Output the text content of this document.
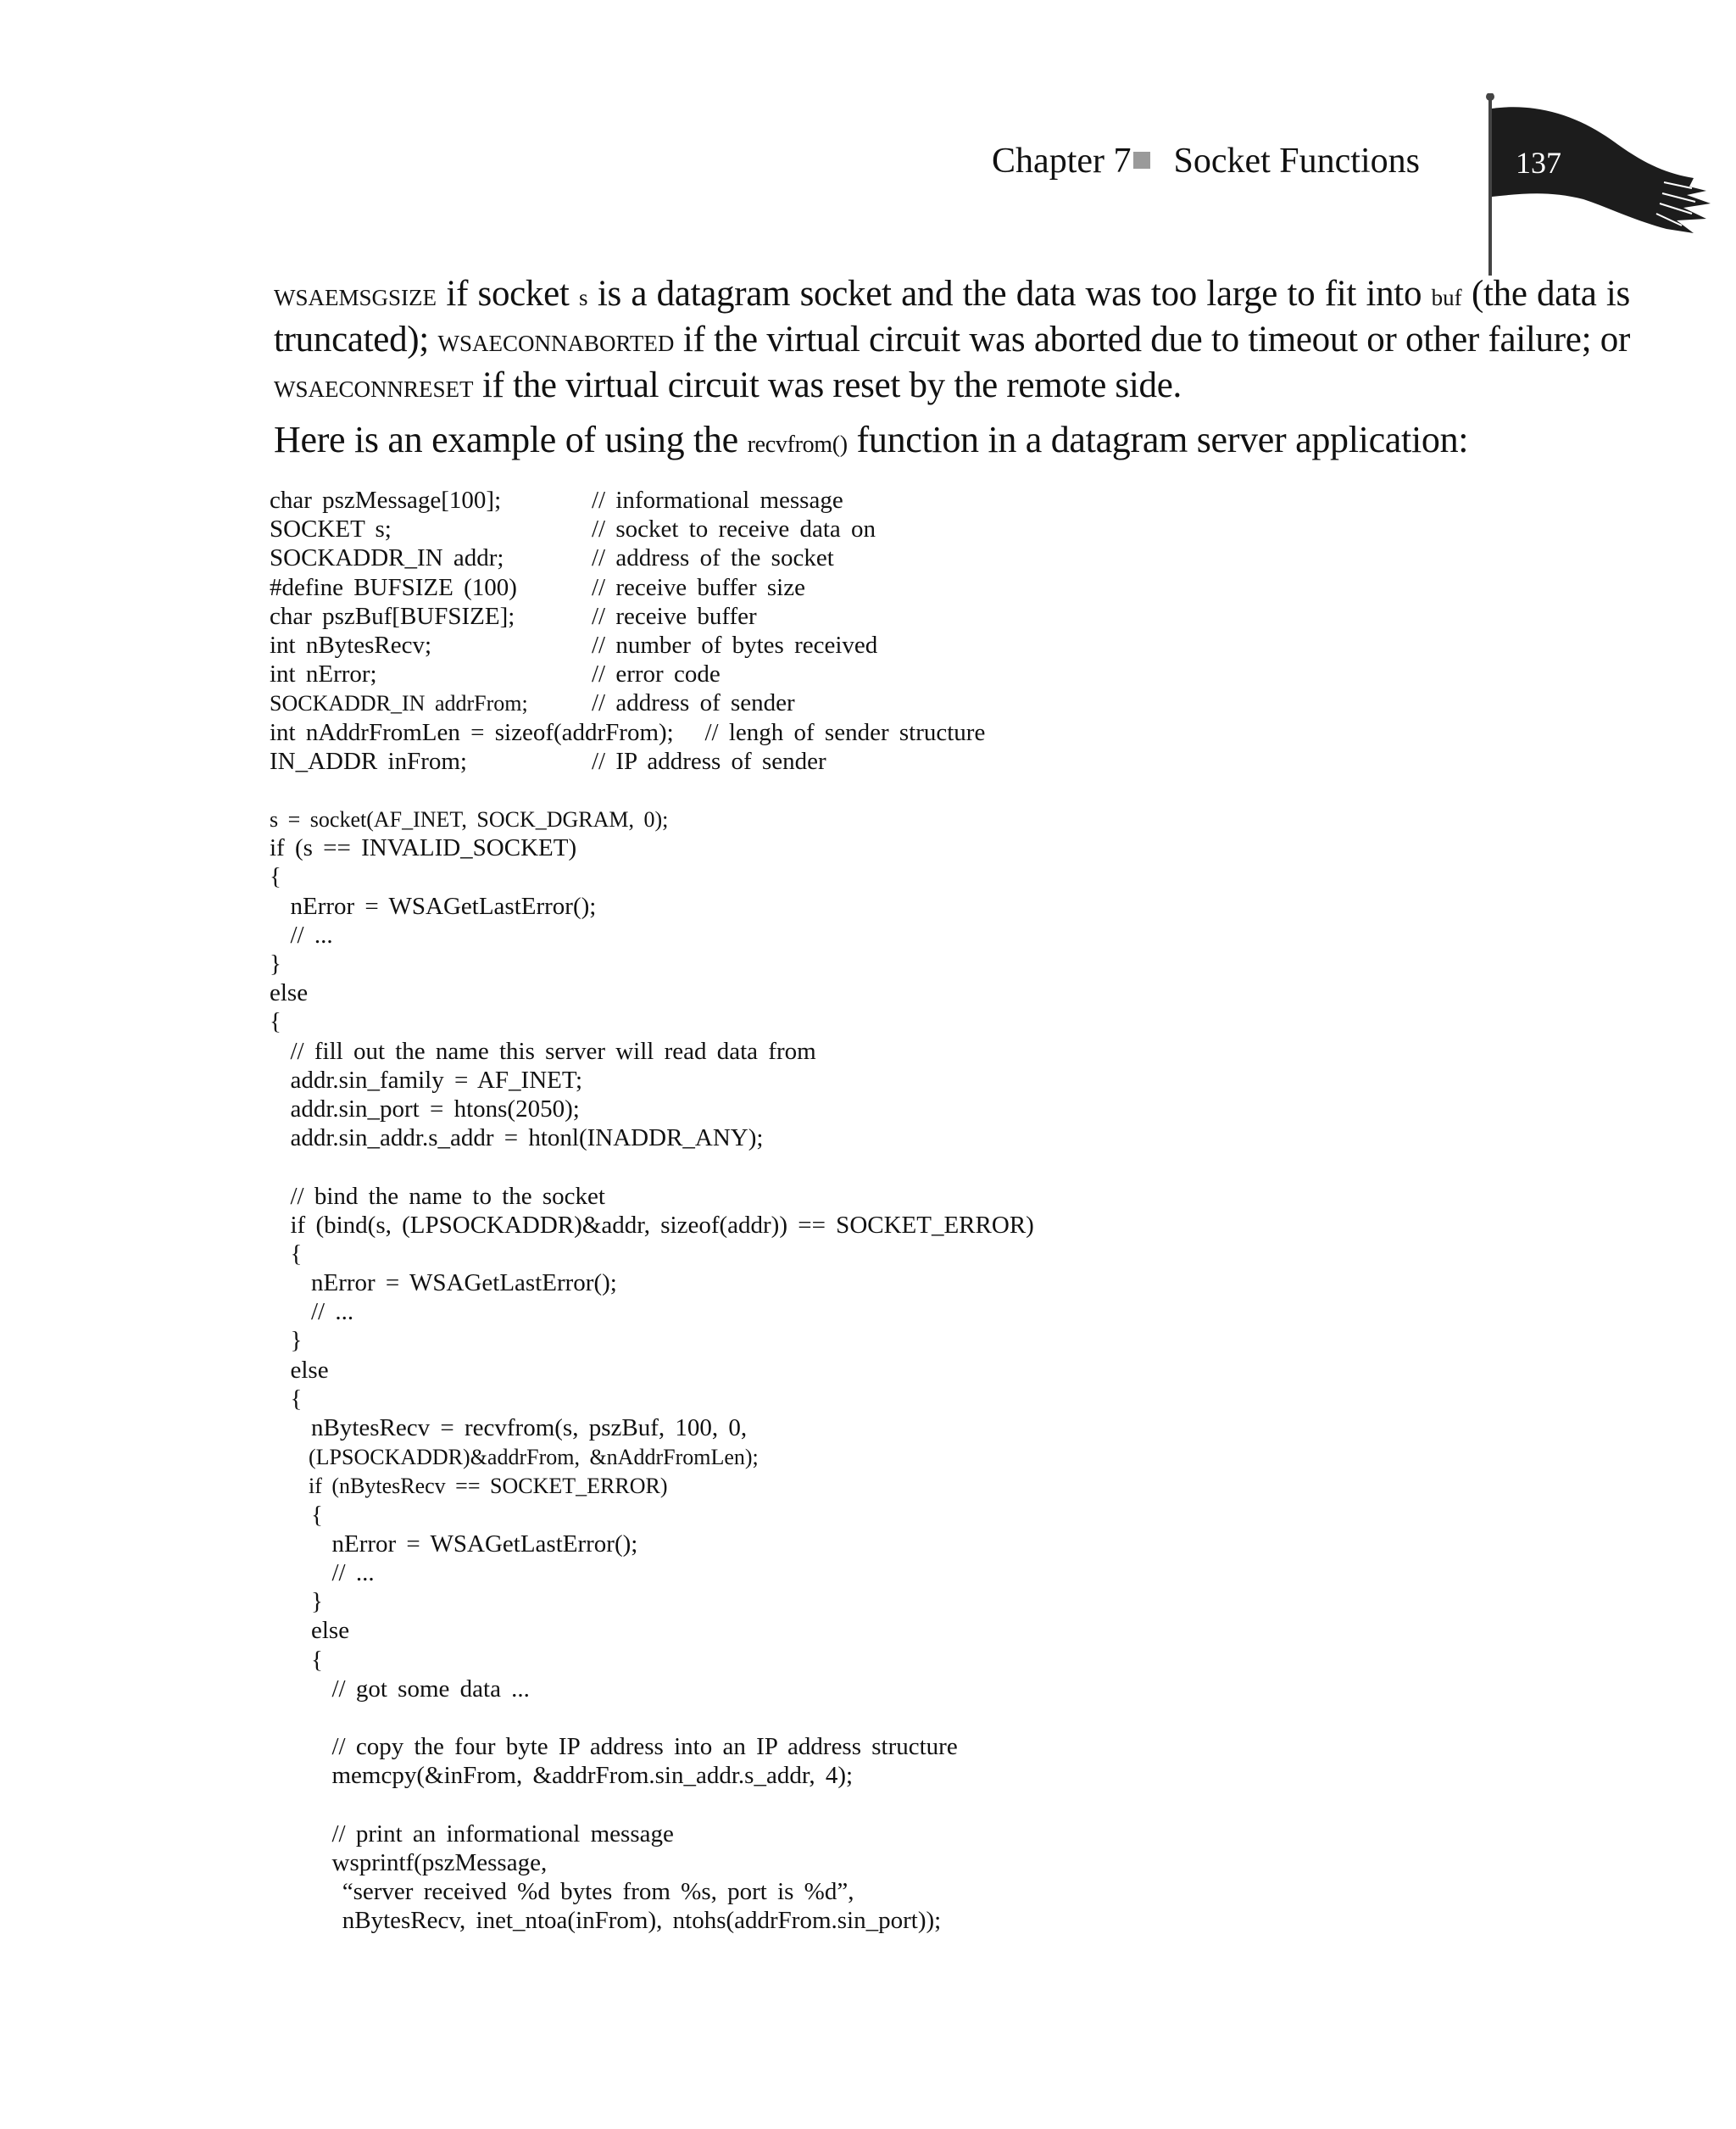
Chapter 7 Socket Functions	137
WSAEMSGSIZE if socket s is a datagram socket and the data was too large to fit into buf (the data is truncated); WSAECONNABORTED if the virtual circuit was aborted due to timeout or other failure; or WSAECONNRESET if the virtual circuit was reset by the remote side.
Here is an example of using the recvfrom() function in a datagram server application:
char pszMessage[100];	// informational message
SOCKET s;	// socket to receive data on
SOCKADDR_IN addr;	// address of the socket
#define BUFSIZE (100)	// receive buffer size
char pszBuf[BUFSIZE];	// receive buffer
int nBytesRecv;	// number of bytes received
int nError;	// error code
SOCKADDR_IN addrFrom;	// address of sender
int nAddrFromLen = sizeof(addrFrom);   // lengh of sender structure
IN_ADDR inFrom;	// IP address of sender
s = socket(AF_INET, SOCK_DGRAM, 0);
if (s == INVALID_SOCKET)
{
nError = WSAGetLastError();
// ...
}
else
{
// fill out the name this server will read data from
addr.sin_family = AF_INET;
addr.sin_port = htons(2050);
addr.sin_addr.s_addr = htonl(INADDR_ANY);
// bind the name to the socket
if (bind(s, (LPSOCKADDR)&addr, sizeof(addr)) == SOCKET_ERROR)
{
nError = WSAGetLastError();
// ...
}
else
{
nBytesRecv = recvfrom(s, pszBuf, 100, 0,
(LPSOCKADDR)&addrFrom, &nAddrFromLen);
if (nBytesRecv == SOCKET_ERROR)
{
nError = WSAGetLastError();
// ...
}
else
{
// got some data ...
// copy the four byte IP address into an IP address structure
memcpy(&inFrom, &addrFrom.sin_addr.s_addr, 4);
// print an informational message
wsprintf(pszMessage,
“server received %d bytes from %s, port is %d”,
nBytesRecv, inet_ntoa(inFrom), ntohs(addrFrom.sin_port));
